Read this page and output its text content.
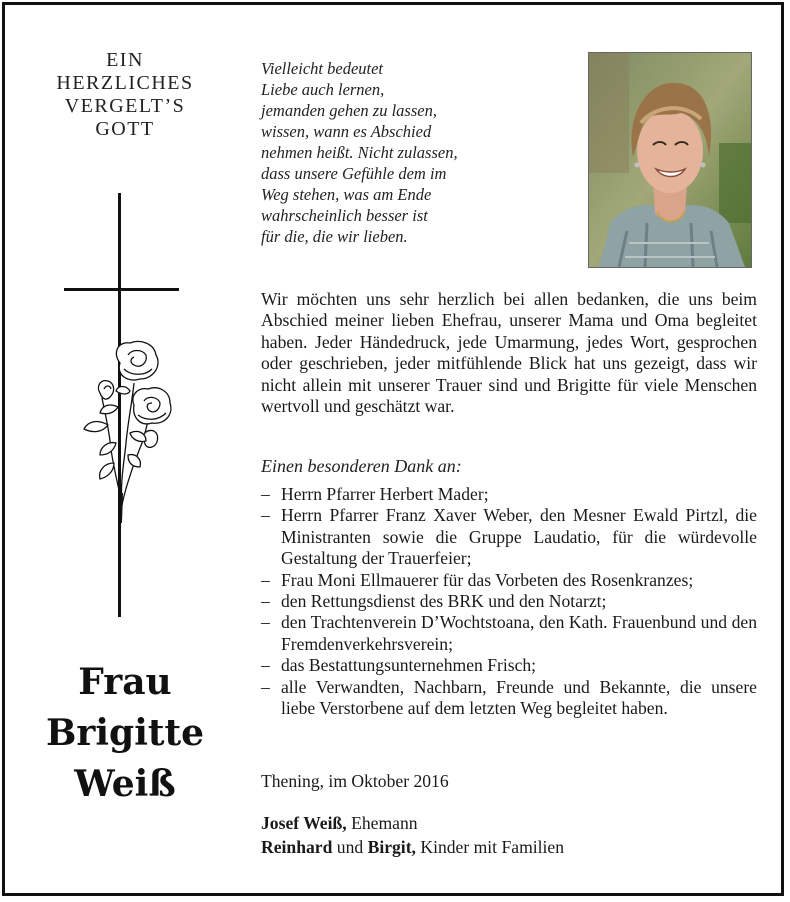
EIN
HERZLICHES
VERGELT’S
GOTT
Frau
Brigitte
Weiß
Vielleicht bedeutet
Liebe auch lernen,
jemanden gehen zu lassen,
wissen, wann es Abschied
nehmen heißt. Nicht zulassen,
dass unsere Gefühle dem im
Weg stehen, was am Ende
wahrscheinlich besser ist
für die, die wir lieben.
Wir möchten uns sehr herzlich bei allen bedanken, die uns beim Abschied meiner lieben Ehefrau, unserer Mama und Oma begleitet haben. Jeder Händedruck, jede Umarmung, jedes Wort, gesprochen oder geschrieben, jeder mitfühlende Blick hat uns gezeigt, dass wir nicht allein mit unserer Trauer sind und Brigitte für viele Menschen wertvoll und geschätzt war.
Einen besonderen Dank an:
– Herrn Pfarrer Herbert Mader;
– Herrn Pfarrer Franz Xaver Weber, den Mesner Ewald Pirtzl, die Ministranten sowie die Gruppe Laudatio, für die würdevolle Gestaltung der Trauerfeier;
– Frau Moni Ellmauerer für das Vorbeten des Rosenkranzes;
– den Rettungsdienst des BRK und den Notarzt;
– den Trachtenverein D’Wochtstoana, den Kath. Frauenbund und den Fremdenverkehrsverein;
– das Bestattungsunternehmen Frisch;
– alle Verwandten, Nachbarn, Freunde und Bekannte, die unsere liebe Verstorbene auf dem letzten Weg begleitet haben.
Thening, im Oktober 2016
Josef Weiß, Ehemann
Reinhard und Birgit, Kinder mit Familien
